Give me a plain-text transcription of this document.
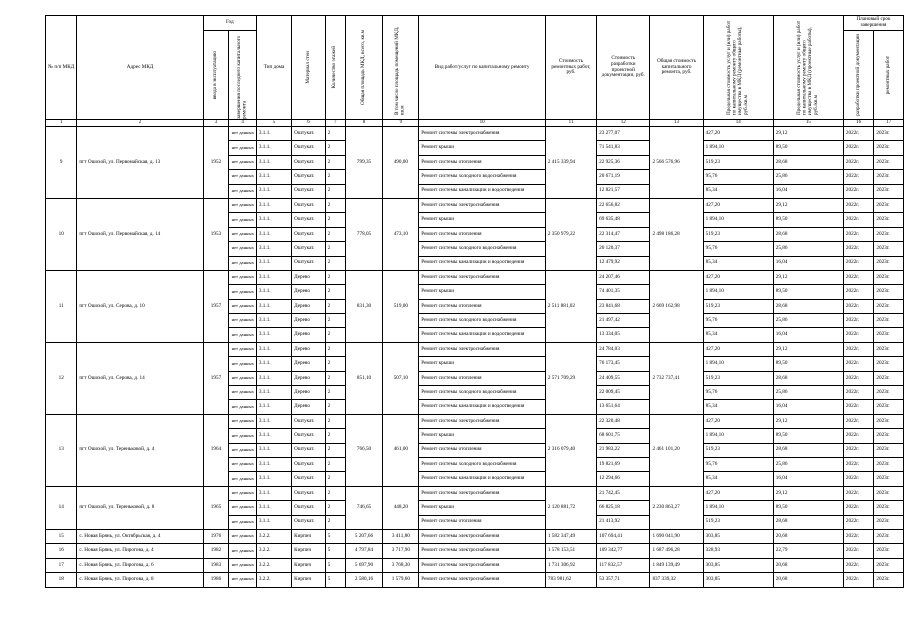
№ п/п МКД	Адрес МКД	Год		Тип дома	Материал стен	Количество этажей	Общая площадь МКД, всего, кв.м	В том числе площадь помещений МКД, кв.м	Вид работ/услуг по капитальному ремонту	Стоимость ремонтных работ, руб.	Стоимость разработки проектной документации, руб.	Общая стоимость капитального ремонта, руб.	Предельная стоимость услуг и (или) работ по капитальному ремонту общего имущества в МКД (ремонтные работы), руб./кв.м	Предельная стоимость услуг и (или) работ по капитальному ремонту общего имущества в МКД (проектные работы), руб./кв.м	Плановый срок завершения	

		ввода в эксплуатацию	завершения последнего капитального ремонта												разработки проектной документации	ремонтных работ

1	2	3	4	5	6	7	8	9	10	11	12	13	14	15	16	17
9	пгт Ошохой, ул. Первомайская, д. 13	1952	нет данных	3.1.1.	Оштукат.	2	799,35	490,00	Ремонт системы электроснабжения	2 415 339,94	23 277,07	2 566 576,96	427,20	29,12	2022г.	2023г.
			нет данных	3.1.1.	Оштукат.	2			Ремонт крыши		71 541,83		1 894,10	89,50	2022г.	2023г.
			нет данных	3.1.1.	Оштукат.	2			Ремонт системы отопления		22 925,36		519,23	28,68	2022г.	2023г.
			нет данных	3.1.1.	Оштукат.	2			Ремонт системы холодного водоснабжения		20 671,19		95,76	25,86	2022г.	2023г.
			нет данных	3.1.1.	Оштукат.	2			Ремонт системы канализации и водоотведения		12 821,57		85,34	16,04	2022г.	2023г.
10	пгт Ошохой, ул. Первомайская, д. 14	1953	нет данных	3.1.1.	Оштукат.	2	778,05	473,10	Ремонт системы электроснабжения	2 350 979,22	22 656,82	2 498 186,28	427,20	29,12	2022г.	2023г.
			нет данных	3.1.1.	Оштукат.	2			Ремонт крыши		69 635,48		1 894,10	89,50	2022г.	2023г.
			нет данных	3.1.1.	Оштукат.	2			Ремонт системы отопления		22 314,47		519,23	28,68	2022г.	2023г.
			нет данных	3.1.1.	Оштукат.	2			Ремонт системы холодного водоснабжения		20 120,37		95,76	25,86	2022г.	2023г.
			нет данных	3.1.1.	Оштукат.	2			Ремонт системы канализации и водоотведения		12 479,92		85,34	16,04	2022г.	2023г.
11	пгт Ошохой, ул. Серова, д. 10	1957	нет данных	3.1.1.	Дерево	2	831,30	519,00	Ремонт системы электроснабжения	2 511 881,02	24 207,46	2 669 162,98	427,20	29,12	2022г.	2023г.
			нет данных	3.1.1.	Дерево	2			Ремонт крыши		74 401,35		1 894,10	89,50	2022г.	2023г.
			нет данных	3.1.1.	Дерево	2			Ремонт системы отопления		23 841,68		519,23	28,68	2022г.	2023г.
			нет данных	3.1.1.	Дерево	2			Ремонт системы холодного водоснабжения		21 497,42		95,76	25,86	2022г.	2023г.
			нет данных	3.1.1.	Дерево	2			Ремонт системы канализации и водоотведения		13 334,05		85,34	16,04	2022г.	2023г.
12	пгт Ошохой, ул. Серова, д. 14	1957	нет данных	3.1.1.	Дерево	2	851,10	507,10	Ремонт системы электроснабжения	2 571 709,29	24 784,03	2 732 737,41	427,20	29,12	2022г.	2023г.
			нет данных	3.1.1.	Дерево	2			Ремонт крыши		76 173,45		1 894,10	89,50	2022г.	2023г.
			нет данных	3.1.1.	Дерево	2			Ремонт системы отопления		24 409,55		519,23	28,68	2022г.	2023г.
			нет данных	3.1.1.	Дерево	2			Ремонт системы холодного водоснабжения		22 009,45		95,76	25,86	2022г.	2023г.
			нет данных	3.1.1.	Дерево	2			Ремонт системы канализации и водоотведения		13 651,64		85,34	16,04	2022г.	2023г.
13	пгт Ошохой, ул. Тереньковой, д. 4	1964	нет данных	3.1.1.	Оштукат.	2	766,50	461,00	Ремонт системы электроснабжения	2 316 079,40	22 320,48	2 461 101,20	427,20	29,12	2022г.	2023г.
			нет данных	3.1.1.	Оштукат.	2			Ремонт крыши		68 601,75		1 894,10	89,50	2022г.	2023г.
			нет данных	3.1.1.	Оштукат.	2			Ремонт системы отопления		21 983,22		519,23	28,68	2022г.	2023г.
			нет данных	3.1.1.	Оштукат.	2			Ремонт системы холодного водоснабжения		19 821,69		95,76	25,86	2022г.	2023г.
			нет данных	3.1.1.	Оштукат.	2			Ремонт системы канализации и водоотведения		12 294,66		85,34	16,04	2022г.	2023г.
14	пгт Ошохой, ул. Тереньковой, д. 8	1965	нет данных	3.1.1.	Оштукат.	2	746,65	448,20	Ремонт системы электроснабжения	2 120 881,72	21 742,45	2 230 863,27	427,20	29,12	2022г.	2023г.
			нет данных	3.1.1.	Оштукат.	2			Ремонт крыши		66 825,18		1 894,10	89,50	2022г.	2023г.
			нет данных	3.1.1.	Оштукат.	2			Ремонт системы отопления		21 413,92		519,23	28,68	2022г.	2023г.
15	с. Новая Брянь, ул. Октябрьская, д. 4	1976	нет данных	3.2.2.	Кирпич	5	5 207,66	3 411,80	Ремонт системы электроснабжения	1 582 347,49	107 694,41	1 690 041,90	303,85	20,68	2022г.	2023г.
16	с. Новая Брянь, ул. Пирогова, д. 4	1982	нет данных	3.2.2.	Кирпич	5	4 797,84	3 717,90	Ремонт системы электроснабжения	1 578 153,51	109 342,77	1 687 496,28	328,93	22,79	2022г.	2023г.
17	с. Новая Брянь, ул. Пирогова, д. 6	1983	нет данных	3.2.2.	Кирпич	5	5 697,90	3 768,30	Ремонт системы электроснабжения	1 731 306,92	117 832,57	1 849 139,49	303,85	20,68	2022г.	2023г.
18	с. Новая Брянь, ул. Пирогова, д. 8	1986	нет данных	3.2.2.	Кирпич	5	2 580,16	1 579,60	Ремонт системы электроснабжения	783 981,62	53 357,71	837 339,32	303,85	20,68	2022г.	2023г.
